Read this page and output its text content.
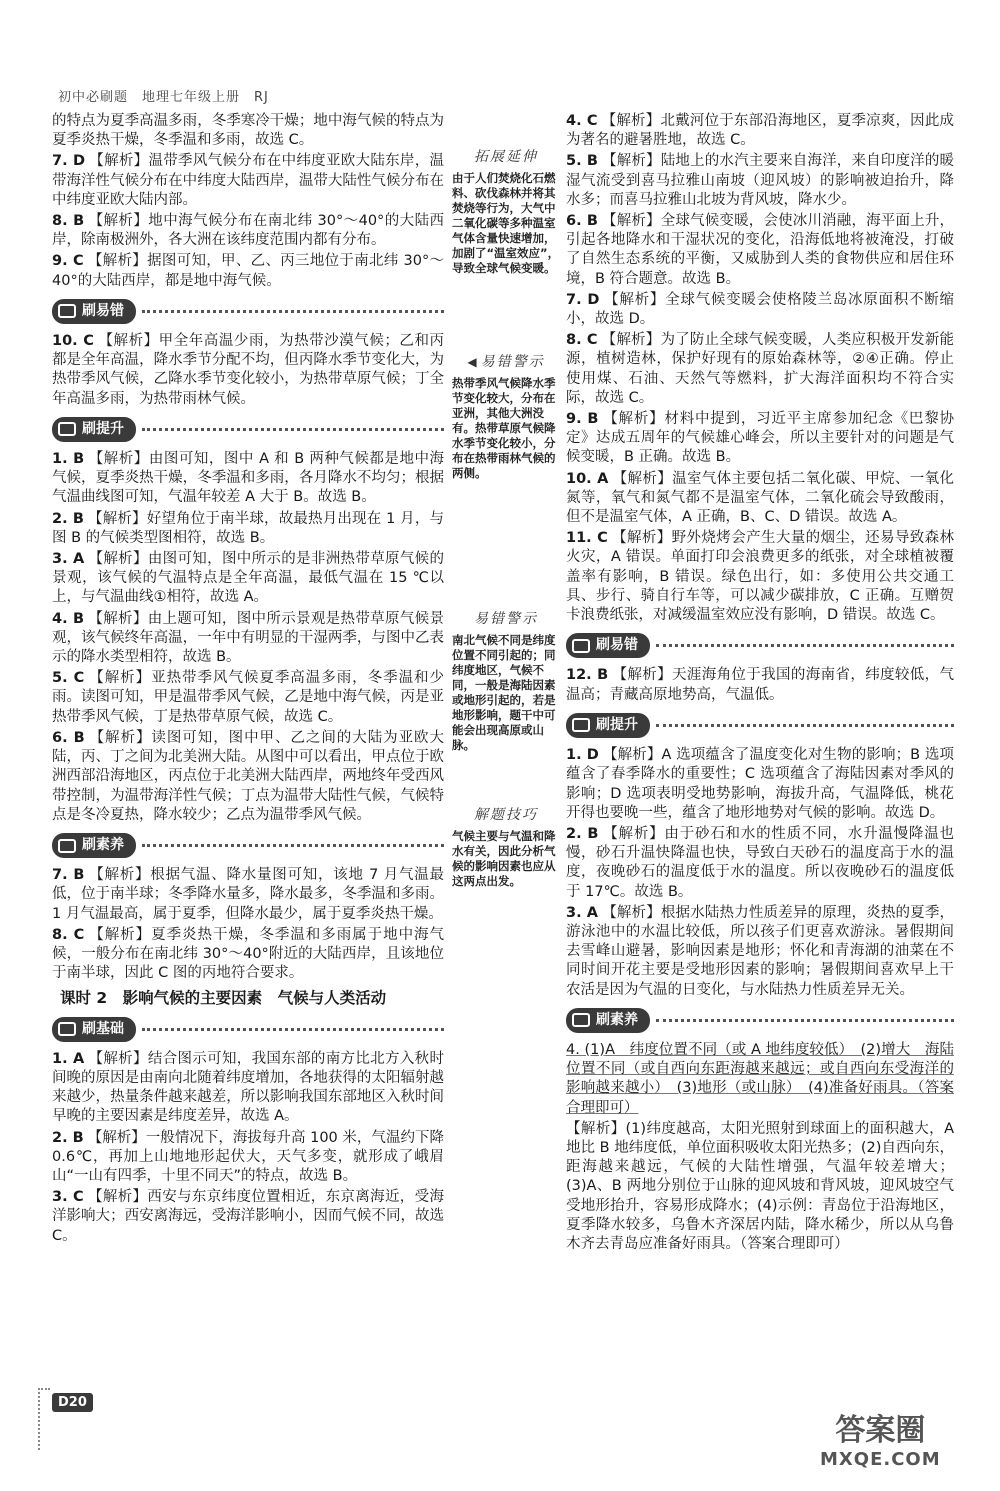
初中必刷题　地理七年级上册　RJ
的特点为夏季高温多雨，冬季寒冷干燥；地中海气候的特点为夏季炎热干燥，冬季温和多雨，故选 C。
7. D 【解析】温带季风气候分布在中纬度亚欧大陆东岸，温带海洋性气候分布在中纬度大陆西岸，温带大陆性气候分布在中纬度亚欧大陆内部。
8. B 【解析】地中海气候分布在南北纬 30°～40°的大陆西岸，除南极洲外，各大洲在该纬度范围内都有分布。
9. C 【解析】据图可知，甲、乙、丙三地位于南北纬 30°～40°的大陆西岸，都是地中海气候。
刷易错
10. C 【解析】甲全年高温少雨，为热带沙漠气候；乙和丙都是全年高温，降水季节分配不均，但丙降水季节变化大，为热带季风气候，乙降水季节变化较小，为热带草原气候；丁全年高温多雨，为热带雨林气候。
刷提升
1. B 【解析】由图可知，图中 A 和 B 两种气候都是地中海气候，夏季炎热干燥，冬季温和多雨，各月降水不均匀；根据气温曲线图可知，气温年较差 A 大于 B。故选 B。
2. B 【解析】好望角位于南半球，故最热月出现在 1 月，与图 B 的气候类型图相符，故选 B。
3. A 【解析】由图可知，图中所示的是非洲热带草原气候的景观，该气候的气温特点是全年高温，最低气温在 15 ℃以上，与气温曲线①相符，故选 A。
4. B 【解析】由上题可知，图中所示景观是热带草原气候景观，该气候终年高温，一年中有明显的干湿两季，与图中乙表示的降水类型相符，故选 B。
5. C 【解析】亚热带季风气候夏季高温多雨，冬季温和少雨。读图可知，甲是温带季风气候，乙是地中海气候，丙是亚热带季风气候，丁是热带草原气候，故选 C。
6. B 【解析】读图可知，图中甲、乙之间的大陆为亚欧大陆，丙、丁之间为北美洲大陆。从图中可以看出，甲点位于欧洲西部沿海地区，丙点位于北美洲大陆西岸，两地终年受西风带控制，为温带海洋性气候；丁点为温带大陆性气候，气候特点是冬冷夏热，降水较少；乙点为温带季风气候。
刷素养
7. B 【解析】根据气温、降水量图可知，该地 7 月气温最低，位于南半球；冬季降水量多，降水最多，冬季温和多雨。1 月气温最高，属于夏季，但降水最少，属于夏季炎热干燥。
8. C 【解析】夏季炎热干燥，冬季温和多雨属于地中海气候，一般分布在南北纬 30°～40°附近的大陆西岸，且该地位于南半球，因此 C 图的丙地符合要求。
课时 2　影响气候的主要因素　气候与人类活动
刷基础
1. A 【解析】结合图示可知，我国东部的南方比北方入秋时间晚的原因是由南向北随着纬度增加，各地获得的太阳辐射越来越少，热量条件越来越差，所以影响我国东部地区入秋时间早晚的主要因素是纬度差异，故选 A。
2. B 【解析】一般情况下，海拔每升高 100 米，气温约下降0.6℃，再加上山地地形起伏大，天气多变，就形成了峨眉山“一山有四季，十里不同天”的特点，故选 B。
3. C 【解析】西安与东京纬度位置相近，东京离海近，受海洋影响大；西安离海远，受海洋影响小，因而气候不同，故选 C。
拓展延伸
由于人们焚烧化石燃料、砍伐森林并将其焚烧等行为，大气中二氧化碳等多种温室气体含量快速增加，加剧了“温室效应”，导致全球气候变暖。
◀ 易错警示
热带季风气候降水季节变化较大，分布在亚洲，其他大洲没有。热带草原气候降水季节变化较小，分布在热带雨林气候的两侧。
易错警示
南北气候不同是纬度位置不同引起的；同纬度地区，气候不同，一般是海陆因素或地形引起的，若是地形影响，题干中可能会出现高原或山脉。
解题技巧
气候主要与气温和降水有关，因此分析气候的影响因素也应从这两点出发。
4. C 【解析】北戴河位于东部沿海地区，夏季凉爽，因此成为著名的避暑胜地，故选 C。
5. B 【解析】陆地上的水汽主要来自海洋，来自印度洋的暖湿气流受到喜马拉雅山南坡（迎风坡）的影响被迫抬升，降水多；而喜马拉雅山北坡为背风坡，降水少。
6. B 【解析】全球气候变暖，会使冰川消融，海平面上升，引起各地降水和干湿状况的变化，沿海低地将被淹没，打破了自然生态系统的平衡，又威胁到人类的食物供应和居住环境，B 符合题意。故选 B。
7. D 【解析】全球气候变暖会使格陵兰岛冰原面积不断缩小，故选 D。
8. C 【解析】为了防止全球气候变暖，人类应积极开发新能源，植树造林，保护好现有的原始森林等，②④正确。停止使用煤、石油、天然气等燃料，扩大海洋面积均不符合实际，故选 C。
9. B 【解析】材料中提到，习近平主席参加纪念《巴黎协定》达成五周年的气候雄心峰会，所以主要针对的问题是气候变暖，B 正确。故选 B。
10. A 【解析】温室气体主要包括二氧化碳、甲烷、一氧化氮等，氧气和氮气都不是温室气体，二氧化硫会导致酸雨，但不是温室气体，A 正确，B、C、D 错误。故选 A。
11. C 【解析】野外烧烤会产生大量的烟尘，还易导致森林火灾，A 错误。单面打印会浪费更多的纸张，对全球植被覆盖率有影响，B 错误。绿色出行，如：多使用公共交通工具、步行、骑自行车等，可以减少碳排放，C 正确。互赠贺卡浪费纸张，对减缓温室效应没有影响，D 错误。故选 C。
刷易错
12. B 【解析】天涯海角位于我国的海南省，纬度较低，气温高；青藏高原地势高，气温低。
刷提升
1. D 【解析】A 选项蕴含了温度变化对生物的影响；B 选项蕴含了春季降水的重要性；C 选项蕴含了海陆因素对季风的影响；D 选项表明受地势影响，海拔升高，气温降低，桃花开得也要晚一些，蕴含了地形地势对气候的影响。故选 D。
2. B 【解析】由于砂石和水的性质不同，水升温慢降温也慢，砂石升温快降温也快，导致白天砂石的温度高于水的温度，夜晚砂石的温度低于水的温度。所以夜晚砂石的温度低于 17℃。故选 B。
3. A 【解析】根据水陆热力性质差异的原理，炎热的夏季，游泳池中的水温比较低，所以孩子们更喜欢游泳。暑假期间去雪峰山避暑，影响因素是地形；怀化和青海湖的油菜在不同时间开花主要是受地形因素的影响；暑假期间喜欢早上干农活是因为气温的日变化，与水陆热力性质差异无关。
刷素养
4. (1)A　纬度位置不同（或 A 地纬度较低）　(2)增大　海陆位置不同（或自西向东距海越来越远；或自西向东受海洋的影响越来越小）　(3)地形（或山脉）　(4)准备好雨具。（答案合理即可）
【解析】(1)纬度越高，太阳光照射到球面上的面积越大，A 地比 B 地纬度低，单位面积吸收太阳光热多；(2)自西向东，距海越来越远，气候的大陆性增强，气温年较差增大；(3)A、B 两地分别位于山脉的迎风坡和背风坡，迎风坡空气受地形抬升，容易形成降水；(4)示例：青岛位于沿海地区，夏季降水较多，乌鲁木齐深居内陆，降水稀少，所以从乌鲁木齐去青岛应准备好雨具。（答案合理即可）
D20
答案圈
MXQE.COM
